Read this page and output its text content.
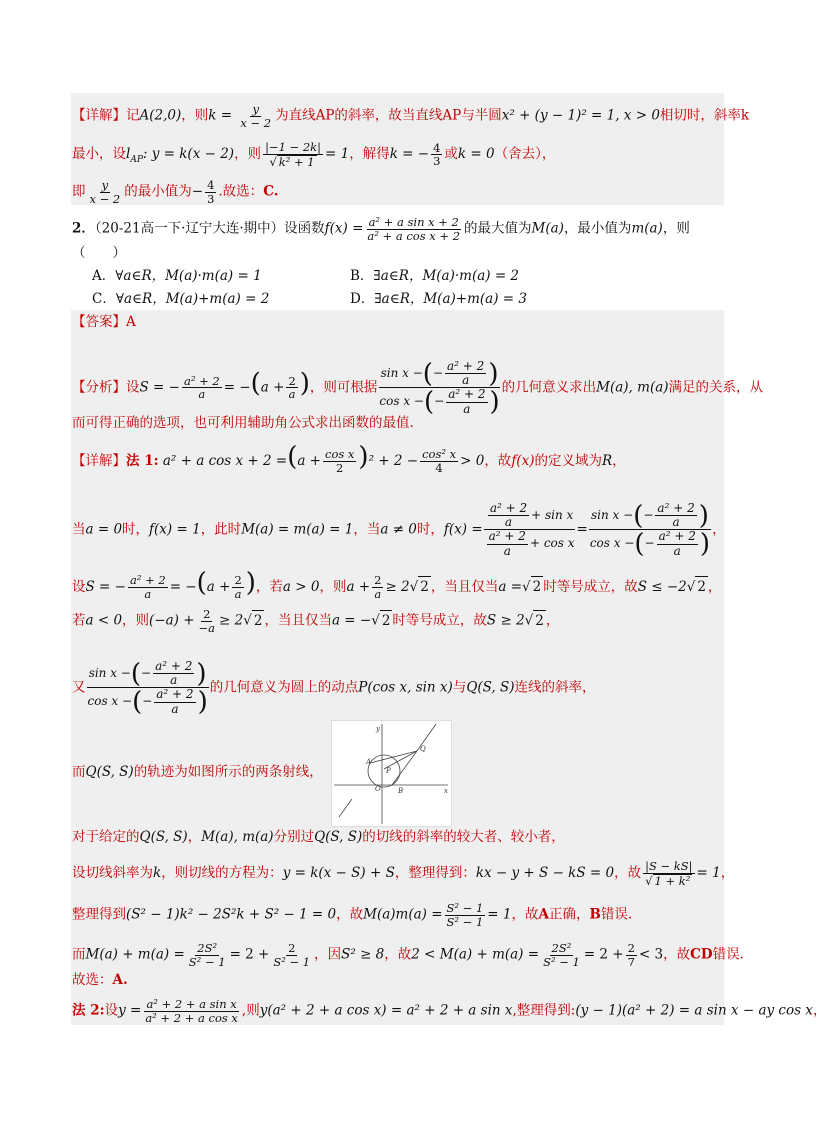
【详解】记A(2,0)，则$k = \frac{y}{x - 2}$ 为直线AP的斜率，故当直线AP与半圆x² + (y − 1)² = 1, x > 0相切时，斜率k
最小，设$l_{AP}$: y = k(x − 2)，则 $\frac{|-1 - 2k|}{\text{√ k² + 1}} = 1$，解得k = − $\frac{4}{3}$ 或k = 0（舍去），
即 $\frac{y}{x - 2}$ 的最小值为− $\frac{4}{3}$ .故选：C.
2．（20-21高一下·辽宁大连·期中）设函数$f(x) = \frac{\text{a² + a sin x + 2}}{\text{a² + a cos x + 2}}$ 的最大值为M(a)，最小值为m(a)，则
（　　）
A．∀a∈R，M(a)·m(a) = 1	B．∃a∈R，M(a)·m(a) = 2
C．∀a∈R，M(a)+m(a) = 2	D．∃a∈R，M(a)+m(a) = 3
【答案】A
【分析】设S = − $\frac{\text{a² + 2}}{a} = -(a + \frac{2}{a}$ )，则可根据 $\frac{\sin x - ( - \frac{\text{a² + 2}}{a} )}{\cos x - ( - \frac{\text{a² + 2}}{a} )}$ 的几何意义求出M(a), m(a)满足的关系，从
而可得正确的选项，也可利用辅助角公式求出函数的最值.
【详解】法 1: a² + a $\cos x + 2 =(a + \frac{\text{cos x}}{2} )^2 + 2 - \frac{\text{cos² x}}{4} > 0$，故f(x)的定义域为R，
当a = 0时，f(x) = 1，此时M(a) = m(a) = 1，当a ≠ 0时，$f(x) = \frac{\frac{\text{a² + 2}}{a} + \sin x}{\frac{\text{a² + 2}}{a} + \cos x} = \frac{\sin x - ( - \frac{\text{a² + 2}}{a} )}{\cos x - ( - \frac{\text{a² + 2}}{a} )}$ ，
设S = − $\frac{\text{a² + 2}}{a} = -(a + \frac{2}{a}$ )，若a > 0，则$a + \frac{2}{a} \ge 2√$ 2 ，当且仅当a =√ 2 时等号成立，故S ≤ −2√ 2 ，
若a < 0，则$(-a) + \frac{2}{-a} \ge 2√$ 2 ，当且仅当a = −√ 2 时等号成立，故S ≥ 2√ 2 ，
又 $\frac{\sin x - ( - \frac{\text{a² + 2}}{a} )}{\cos x - ( - \frac{\text{a² + 2}}{a} )}$ 的几何意义为圆上的动点P(cos x, sin x)与Q(S, S)连线的斜率，
而Q(S, S)的轨迹为如图所示的两条射线，
y
x
O
A
B
P
Q
对于给定的Q(S, S)，M(a), m(a)分别过Q(S, S)的切线的斜率的较大者、较小者，
设切线斜率为k，则切线的方程为：y = k(x − S) + S，整理得到：kx − y + S − kS = 0，故 $\frac{|S - kS|}{\text{√ 1 + k²}} = 1$，
整理得到(S² − 1)k² − 2S²k + S² − 1 = 0，故$M(a)m(a) = \frac{\text{S² − 1}}{\text{S² − 1}} = 1$，故A正确，B错误.
而$M(a) + m(a) = \frac{\text{2S²}}{\text{S² − 1}} = 2 + \frac{2}{\text{S² − 1}}$ ，因S² ≥ 8，故$2 < M(a) + m(a) = \frac{\text{2S²}}{\text{S² − 1}} = 2 + \frac{2}{7} < 3$，故CD错误.
故选：A.
法 2:设$y = \frac{\text{a² + 2 + a sin x}}{\text{a² + 2 + a cos x}}$ ,则y(a² + 2 + a cos x) = a² + 2 + a sin x,整理得到:(y − 1)(a² + 2) = a sin x − ay cos x，
